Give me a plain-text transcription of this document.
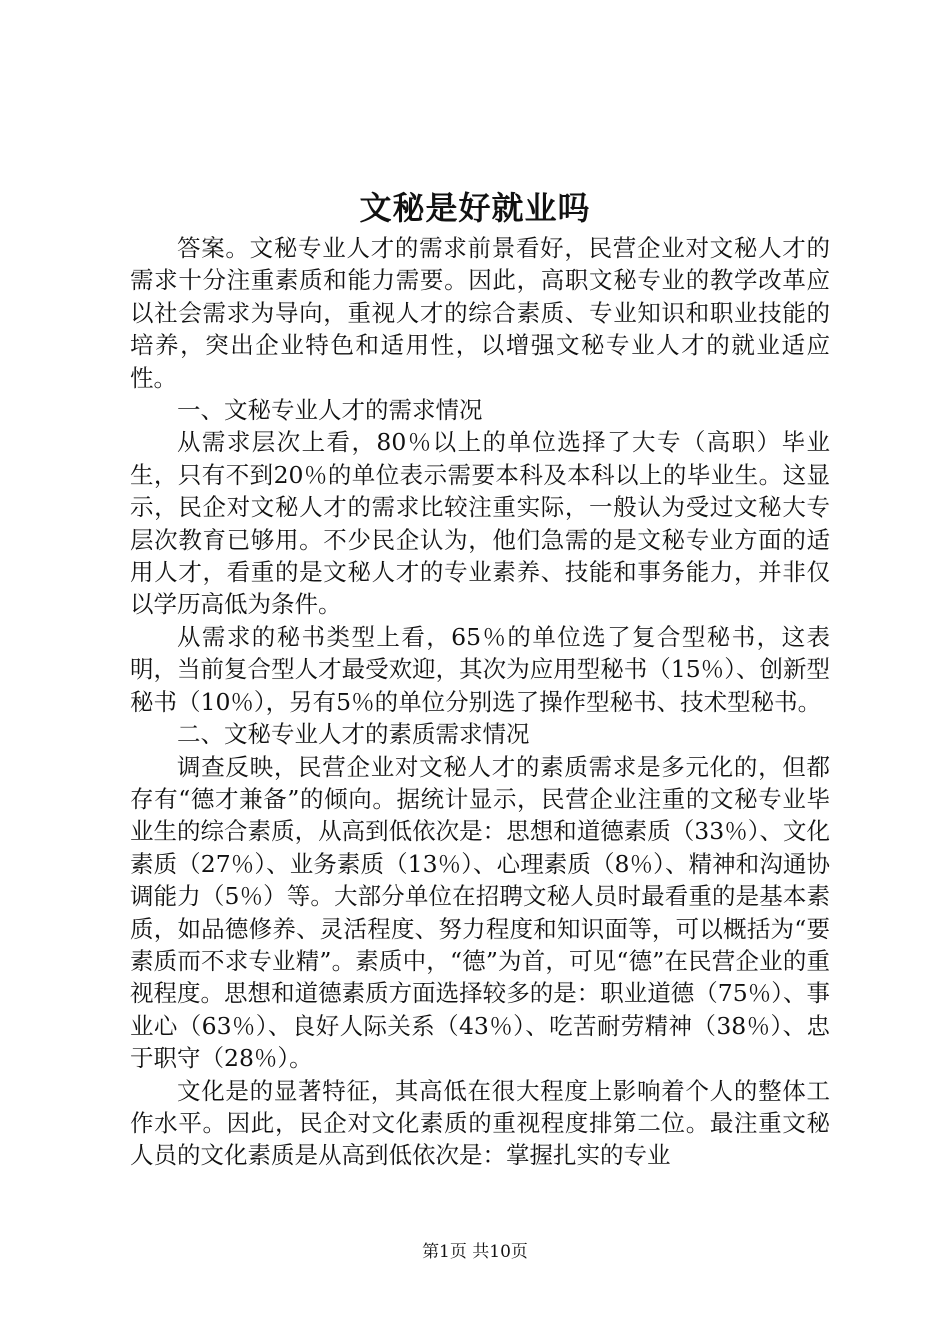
文秘是好就业吗

答案。文秘专业人才的需求前景看好，民营企业对文秘人才的需求十分注重素质和能力需要。因此，高职文秘专业的教学改革应以社会需求为导向，重视人才的综合素质、专业知识和职业技能的培养，突出企业特色和适用性，以增强文秘专业人才的就业适应性。

一、文秘专业人才的需求情况

从需求层次上看，80％以上的单位选择了大专（高职）毕业生，只有不到20％的单位表示需要本科及本科以上的毕业生。这显示，民企对文秘人才的需求比较注重实际，一般认为受过文秘大专层次教育已够用。不少民企认为，他们急需的是文秘专业方面的适用人才，看重的是文秘人才的专业素养、技能和事务能力，并非仅以学历高低为条件。

从需求的秘书类型上看，65％的单位选了复合型秘书，这表明，当前复合型人才最受欢迎，其次为应用型秘书（15％）、创新型秘书（10％），另有5％的单位分别选了操作型秘书、技术型秘书。

二、文秘专业人才的素质需求情况

调查反映，民营企业对文秘人才的素质需求是多元化的，但都存有“德才兼备”的倾向。据统计显示，民营企业注重的文秘专业毕业生的综合素质，从高到低依次是：思想和道德素质（33％）、文化素质（27％）、业务素质（13％）、心理素质（8％）、精神和沟通协调能力（5％）等。大部分单位在招聘文秘人员时最看重的是基本素质，如品德修养、灵活程度、努力程度和知识面等，可以概括为“要素质而不求专业精”。素质中，“德”为首，可见“德”在民营企业的重视程度。思想和道德素质方面选择较多的是：职业道德（75％）、事业心（63％）、良好人际关系（43％）、吃苦耐劳精神（38％）、忠于职守（28％）。

文化是的显著特征，其高低在很大程度上影响着个人的整体工作水平。因此，民企对文化素质的重视程度排第二位。最注重文秘人员的文化素质是从高到低依次是：掌握扎实的专业

第1页 共10页
